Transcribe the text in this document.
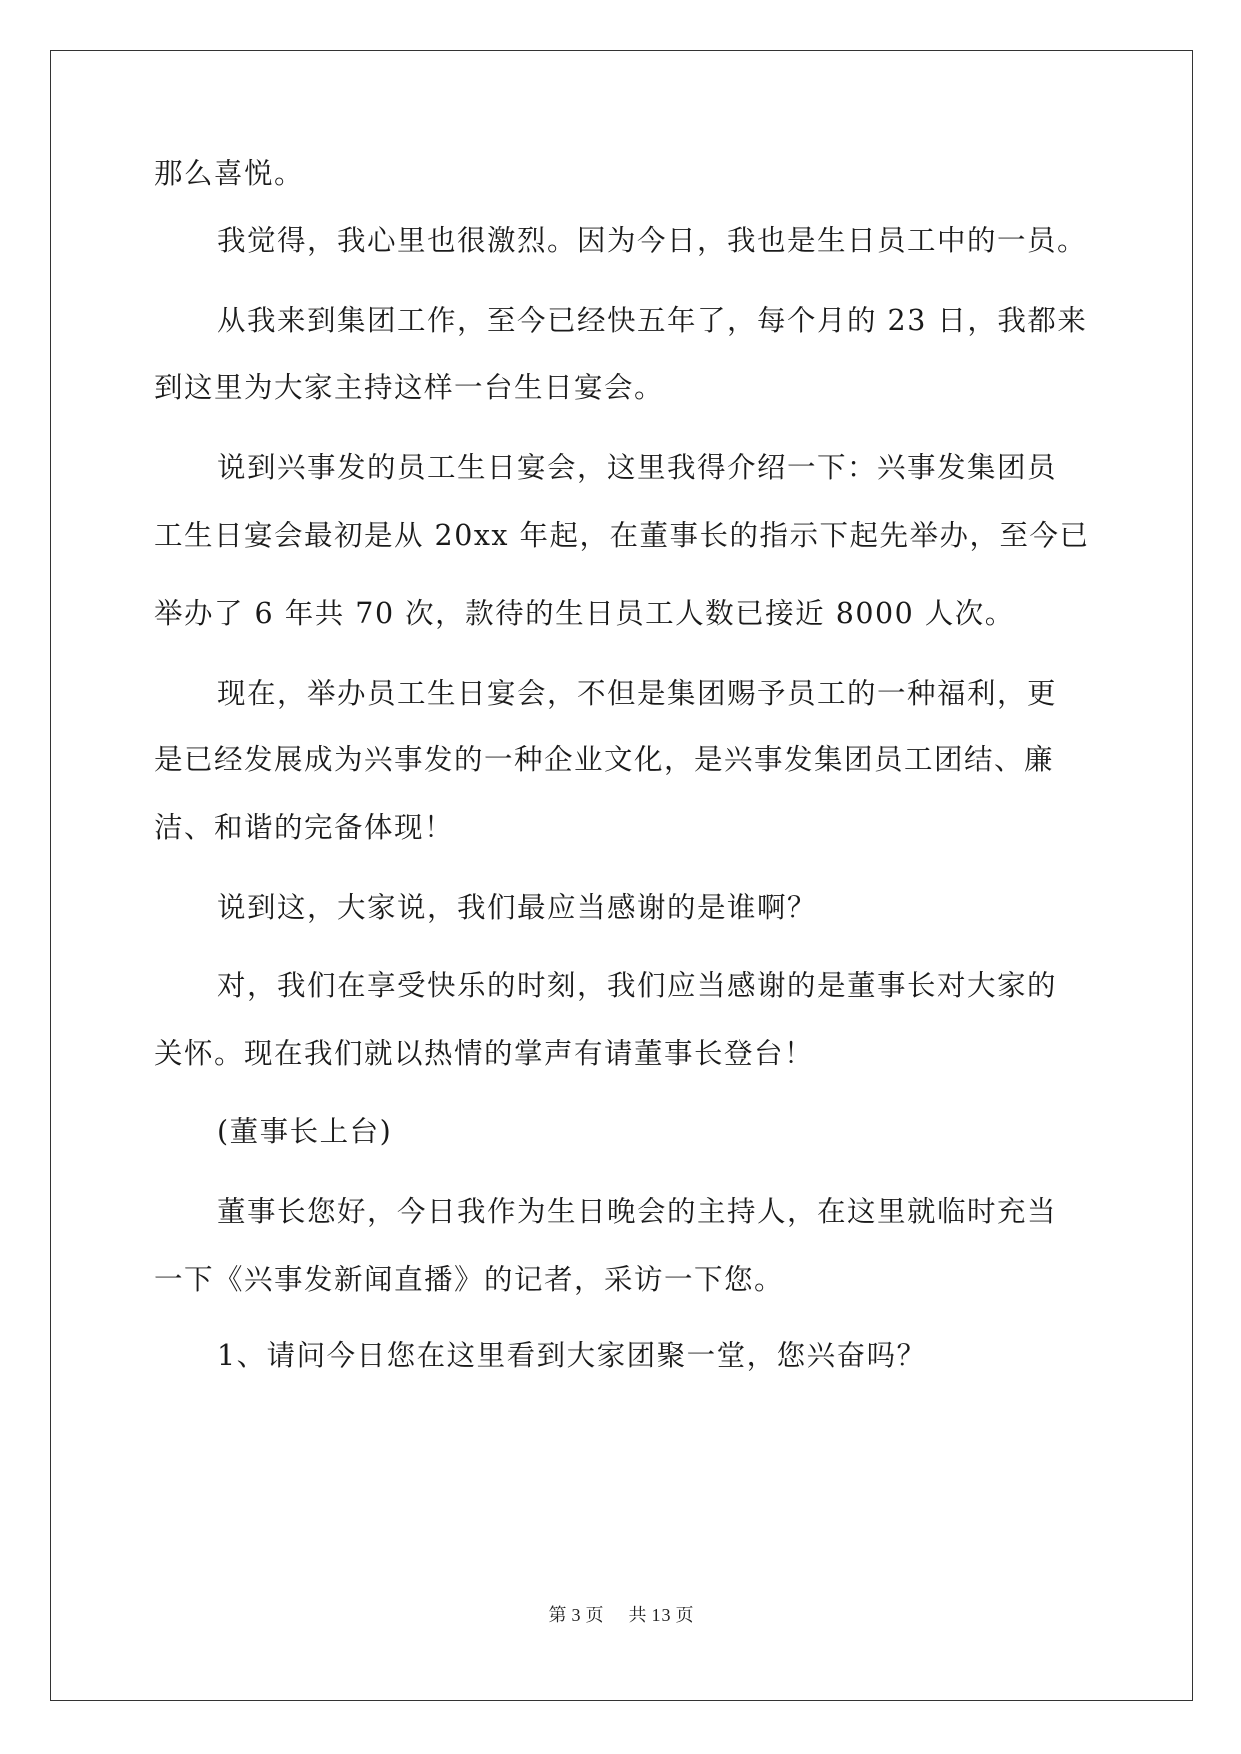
那么喜悦。
我觉得，我心里也很激烈。因为今日，我也是生日员工中的一员。
从我来到集团工作，至今已经快五年了，每个月的 23 日，我都来
到这里为大家主持这样一台生日宴会。
说到兴事发的员工生日宴会，这里我得介绍一下：兴事发集团员
工生日宴会最初是从 20xx 年起，在董事长的指示下起先举办，至今已
举办了 6 年共 70 次，款待的生日员工人数已接近 8000 人次。
现在，举办员工生日宴会，不但是集团赐予员工的一种福利，更
是已经发展成为兴事发的一种企业文化，是兴事发集团员工团结、廉
洁、和谐的完备体现！
说到这，大家说，我们最应当感谢的是谁啊？
对，我们在享受快乐的时刻，我们应当感谢的是董事长对大家的
关怀。现在我们就以热情的掌声有请董事长登台！
(董事长上台)
董事长您好，今日我作为生日晚会的主持人，在这里就临时充当
一下《兴事发新闻直播》的记者，采访一下您。
1、请问今日您在这里看到大家团聚一堂，您兴奋吗？
第 3 页 共 13 页
